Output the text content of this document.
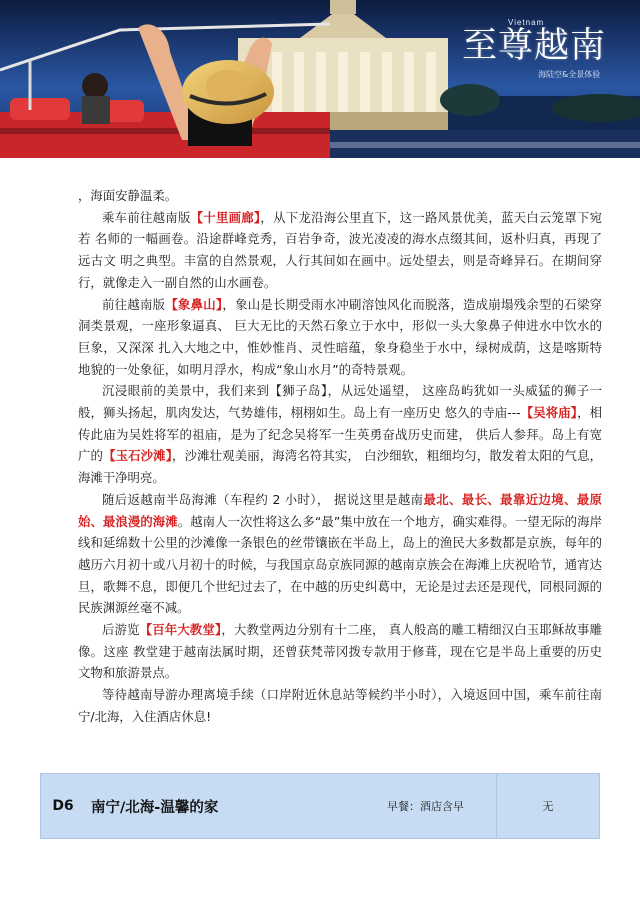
Vietnam
至尊越南
海陆空&全景体验

，海面安静温柔。

乘车前往越南版【十里画廊】，从下龙沿海公里直下，这一路风景优美，蓝天白云笼罩下宛若 名师的一幅画卷。沿途群峰竞秀，百岩争奇，波光凌凌的海水点缀其间，返朴归真，再现了远古文 明之典型。丰富的自然景观，人行其间如在画中。远处望去，则是奇峰异石。在期间穿行，就像走入一副自然的山水画卷。

前往越南版【象鼻山】，象山是长期受雨水冲刷溶蚀风化而脱落，造成崩塌残余型的石梁穿洞类景观，一座形象逼真、 巨大无比的天然石象立于水中，形似一头大象鼻子伸进水中饮水的巨象，又深深 扎入大地之中，惟妙惟肖、灵性暗蕴，象身稳坐于水中，绿树成荫，这是喀斯特地貌的一处象征，如明月浮水，构成“象山水月”的奇特景观。

沉浸眼前的美景中，我们来到【狮子岛】，从远处遥望， 这座岛屿犹如一头威猛的狮子一般，狮头扬起，肌肉发达，气势雄伟，栩栩如生。岛上有一座历史 悠久的寺庙---【吴将庙】，相传此庙为吴姓将军的祖庙，是为了纪念吴将军一生英勇奋战历史而建， 供后人参拜。岛上有宽广的【玉石沙滩】，沙滩壮观美丽，海湾名符其实， 白沙细软，粗细均匀，散发着太阳的气息，海滩干净明亮。

随后返越南半岛海滩（车程约 2 小时）， 据说这里是越南最北、最长、最靠近边境、最原始、最浪漫的海滩。越南人一次性将这么多“最”集中放在一个地方，确实难得。一望无际的海岸线和延绵数十公里的沙滩像一条银色的丝带镶嵌在半岛上，岛上的渔民大多数都是京族，每年的越历六月初十或八月初十的时候，与我国京岛京族同源的越南京族会在海滩上庆祝哈节，通宵达旦，歌舞不息，即便几个世纪过去了，在中越的历史纠葛中，无论是过去还是现代，同根同源的民族渊源丝毫不减。

后游览【百年大教堂】，大教堂两边分别有十二座， 真人般高的雕工精细汉白玉耶稣故事雕像。这座 教堂建于越南法属时期，还曾获梵蒂冈拨专款用于修葺，现在它是半岛上重要的历史文物和旅游景点。

等待越南导游办理离境手续（口岸附近休息站等候约半小时），入境返回中国，乘车前往南宁/北海，入住酒店休息!

D6	南宁/北海-温馨的家	早餐：酒店含早	无
